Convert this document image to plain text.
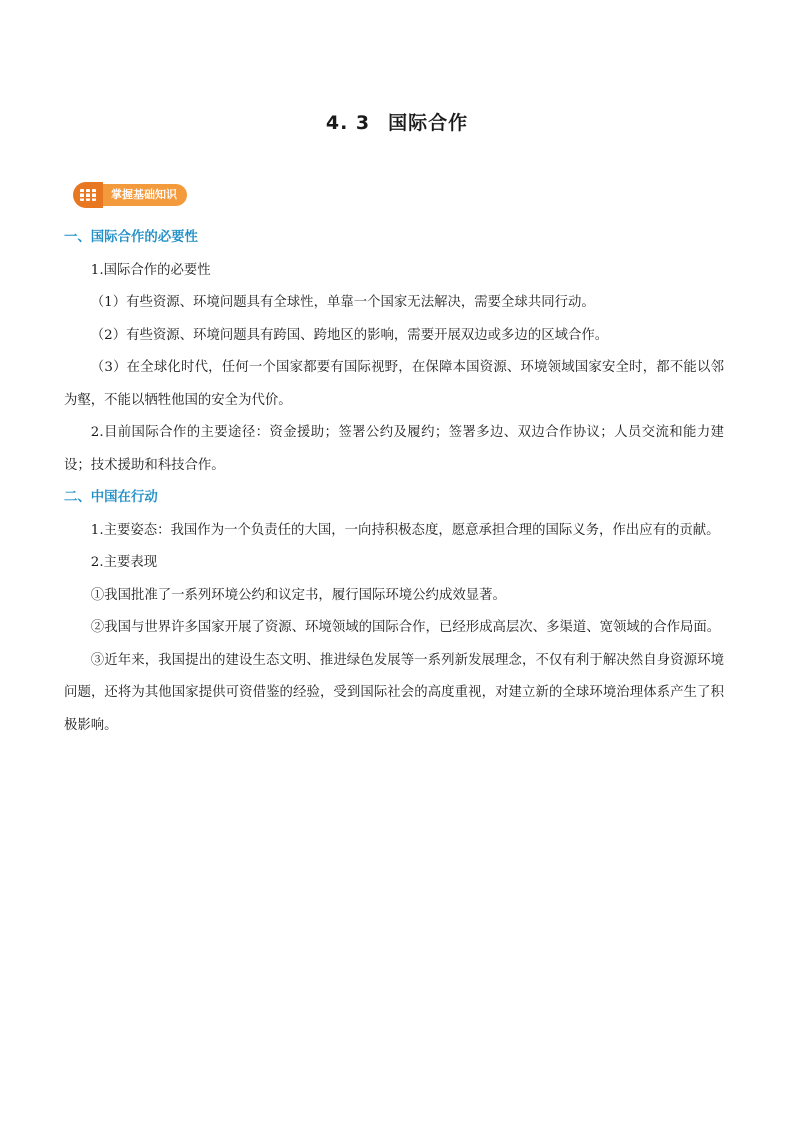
4. 3 国际合作
掌握基础知识

一、国际合作的必要性

1.国际合作的必要性

（1）有些资源、环境问题具有全球性，单靠一个国家无法解决，需要全球共同行动。

（2）有些资源、环境问题具有跨国、跨地区的影响，需要开展双边或多边的区域合作。

（3）在全球化时代，任何一个国家都要有国际视野，在保障本国资源、环境领域国家安全时，都不能以邻为壑，不能以牺牲他国的安全为代价。

2.目前国际合作的主要途径：资金援助；签署公约及履约；签署多边、双边合作协议；人员交流和能力建设；技术援助和科技合作。

二、中国在行动

1.主要姿态：我国作为一个负责任的大国，一向持积极态度，愿意承担合理的国际义务，作出应有的贡献。

2.主要表现

①我国批准了一系列环境公约和议定书，履行国际环境公约成效显著。

②我国与世界许多国家开展了资源、环境领域的国际合作，已经形成高层次、多渠道、宽领域的合作局面。

③近年来，我国提出的建设生态文明、推进绿色发展等一系列新发展理念，不仅有利于解决然自身资源环境问题，还将为其他国家提供可资借鉴的经验，受到国际社会的高度重视，对建立新的全球环境治理体系产生了积极影响。
